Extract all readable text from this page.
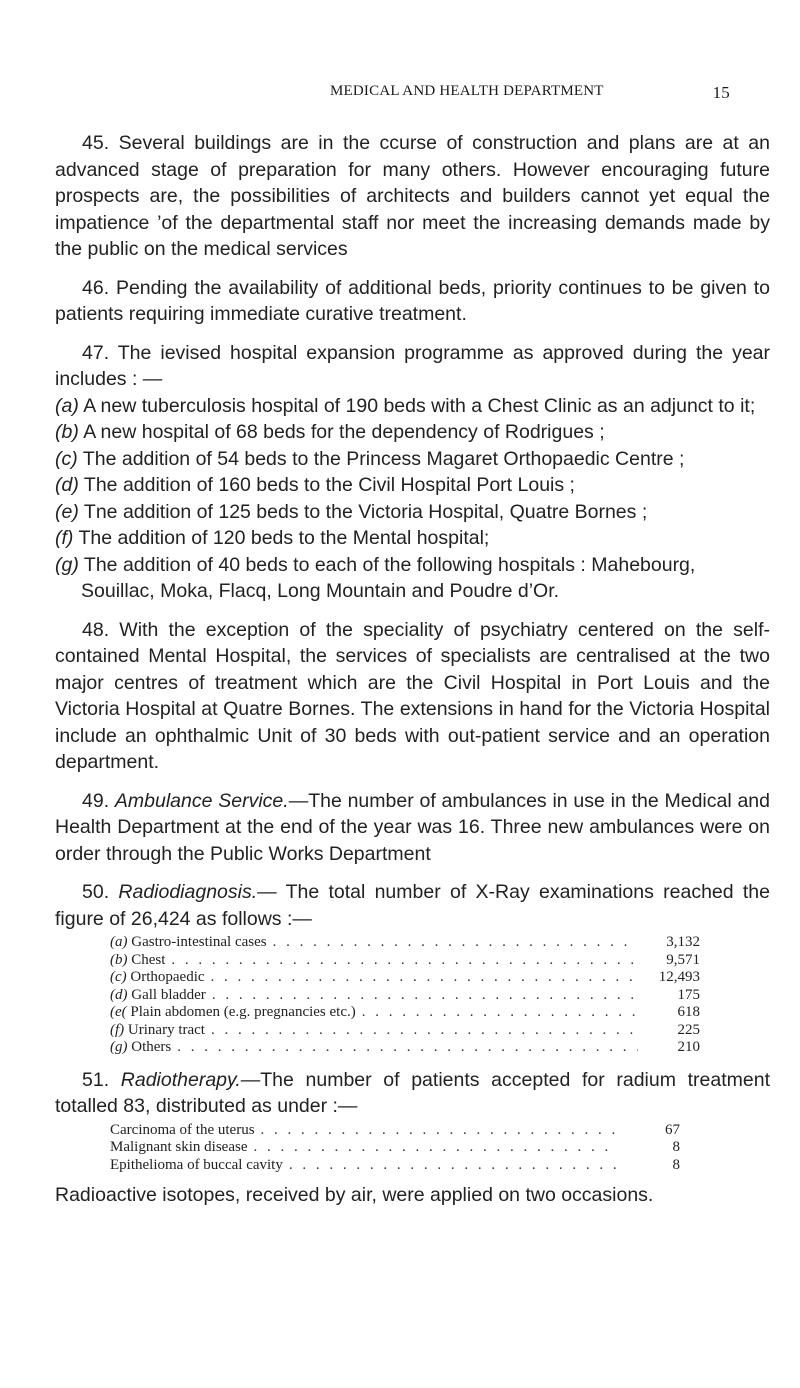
MEDICAL AND HEALTH DEPARTMENT	15

45. Several buildings are in the ccurse of construction and plans are at an advanced stage of preparation for many others. However encouraging future prospects are, the possibilities of architects and builders cannot yet equal the impatience ’of the departmental staff nor meet the increasing demands made by the public on the medical services

46. Pending the availability of additional beds, priority continues to be given to patients requiring immediate curative treatment.

47. The ievised hospital expansion programme as approved during the year includes : —

(a) A new tuberculosis hospital of 190 beds with a Chest Clinic as an adjunct to it;
(b) A new hospital of 68 beds for the dependency of Rodrigues ;
(c) The addition of 54 beds to the Princess Magaret Orthopaedic Centre ;
(d) The addition of 160 beds to the Civil Hospital Port Louis ;
(e) Tne addition of 125 beds to the Victoria Hospital, Quatre Bornes ;
(f) The addition of 120 beds to the Mental hospital;
(g) The addition of 40 beds to each of the following hospitals : Mahebourg, Souillac, Moka, Flacq, Long Mountain and Poudre d’Or.

48. With the exception of the speciality of psychiatry centered on the self-contained Mental Hospital, the services of specialists are centralised at the two major centres of treatment which are the Civil Hospital in Port Louis and the Victoria Hospital at Quatre Bornes. The extensions in hand for the Victoria Hospital include an ophthalmic Unit of 30 beds with out-patient service and an operation department.

49. Ambulance Service.—The number of ambulances in use in the Medical and Health Department at the end of the year was 16. Three new ambulances were on order through the Public Works Department

50. Radiodiagnosis.— The total number of X-Ray examinations reached the figure of 26,424 as follows :—

(a) Gastro-intestinal cases . . .	3,132
(b) Chest . . .	9,571
(c) Orthopaedic . . .	12,493
(d) Gall bladder . . .	175
(e( Plain abdomen (e.g. pregnancies etc.) . . .	618
(f) Urinary tract . . .	225
(g) Others . . .	210

51. Radiotherapy.—The number of patients accepted for radium treatment totalled 83, distributed as under :—

Carcinoma of the uterus . . .	67
Malignant skin disease . . .	8
Epithelioma of buccal cavity . . .	8

Radioactive isotopes, received by air, were applied on two occasions.
